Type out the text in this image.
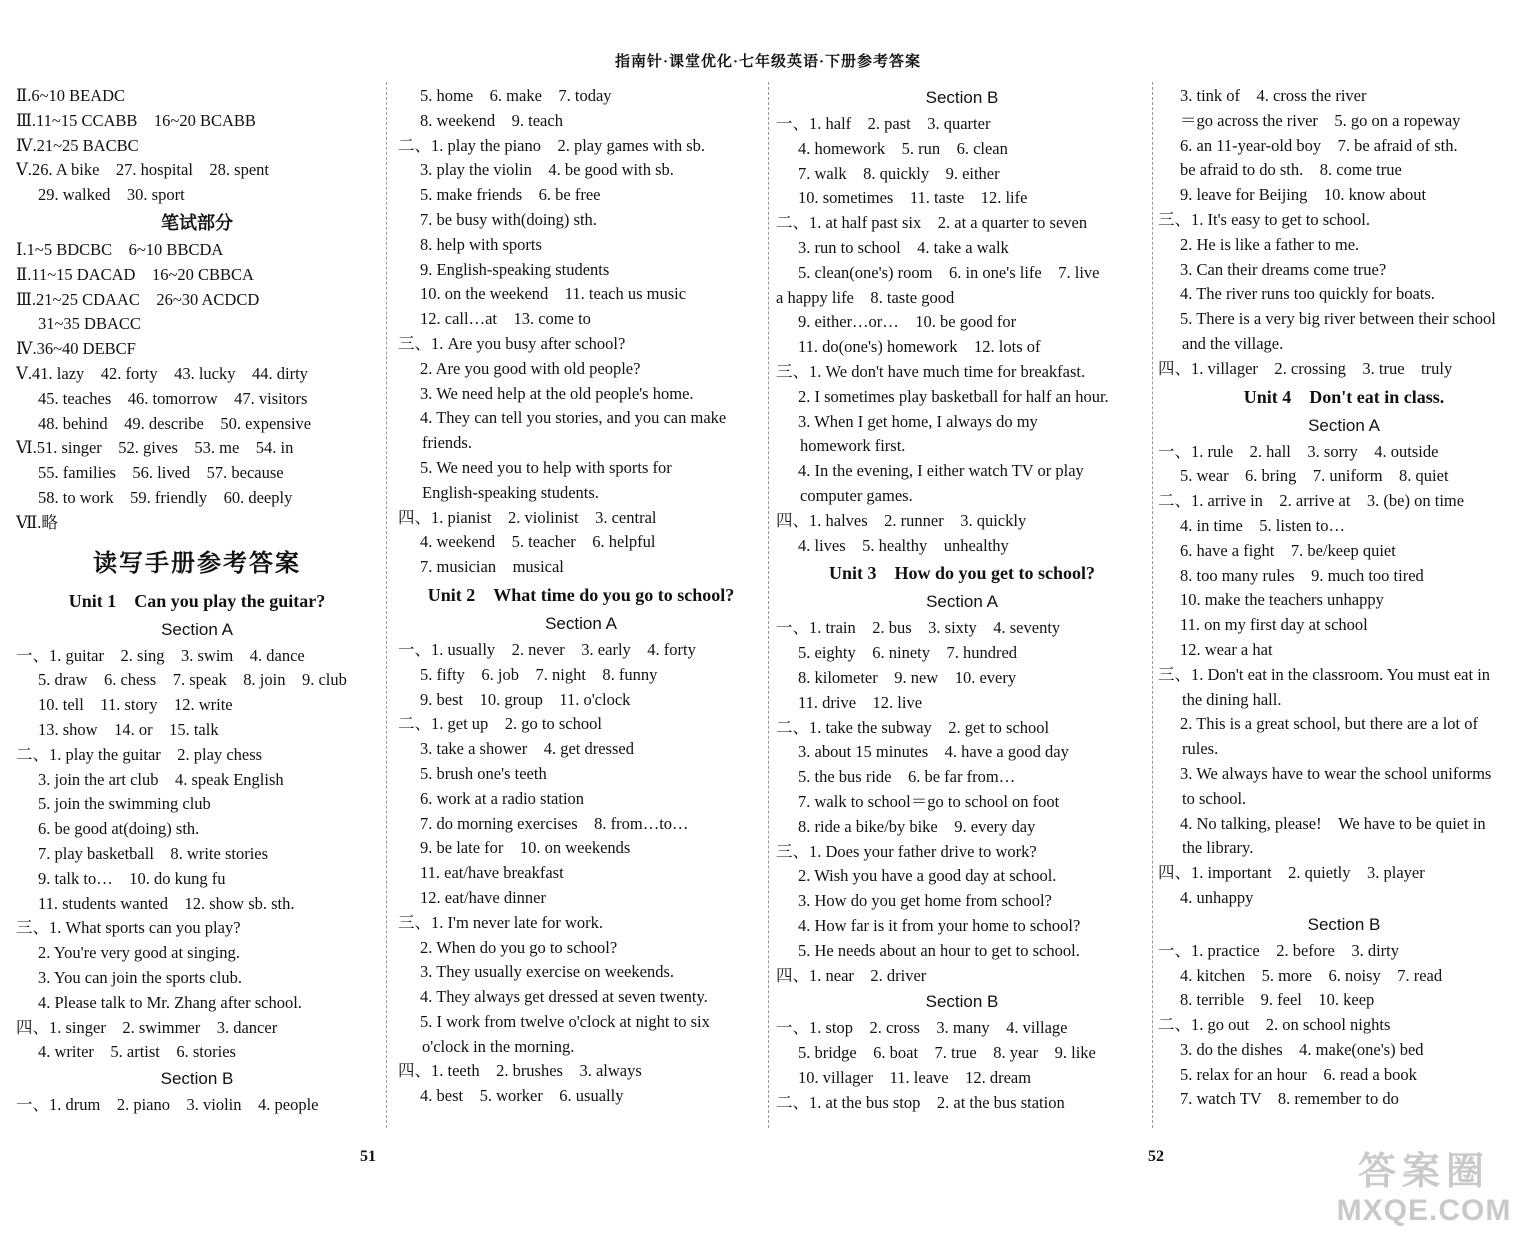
指南针·课堂优化·七年级英语·下册参考答案
Ⅱ.6~10 BEADC
Ⅲ.11~15 CCABB　16~20 BCABB
Ⅳ.21~25 BACBC
Ⅴ.26. A bike　27. hospital　28. spent
29. walked　30. sport
笔试部分
Ⅰ.1~5 BDCBC　6~10 BBCDA
Ⅱ.11~15 DACAD　16~20 CBBCA
Ⅲ.21~25 CDAAC　26~30 ACDCD
31~35 DBACC
Ⅳ.36~40 DEBCF
Ⅴ.41. lazy　42. forty　43. lucky　44. dirty
45. teaches　46. tomorrow　47. visitors
48. behind　49. describe　50. expensive
Ⅵ.51. singer　52. gives　53. me　54. in
55. families　56. lived　57. because
58. to work　59. friendly　60. deeply
Ⅶ.略
读写手册参考答案
Unit 1　Can you play the guitar?
Section A
一、1. guitar　2. sing　3. swim　4. dance
5. draw　6. chess　7. speak　8. join　9. club
10. tell　11. story　12. write
13. show　14. or　15. talk
二、1. play the guitar　2. play chess
3. join the art club　4. speak English
5. join the swimming club
6. be good at(doing) sth.
7. play basketball　8. write stories
9. talk to…　10. do kung fu
11. students wanted　12. show sb. sth.
三、1. What sports can you play?
2. You're very good at singing.
3. You can join the sports club.
4. Please talk to Mr. Zhang after school.
四、1. singer　2. swimmer　3. dancer
4. writer　5. artist　6. stories
Section B
一、1. drum　2. piano　3. violin　4. people
5. home　6. make　7. today
8. weekend　9. teach
二、1. play the piano　2. play games with sb.
3. play the violin　4. be good with sb.
5. make friends　6. be free
7. be busy with(doing) sth.
8. help with sports
9. English-speaking students
10. on the weekend　11. teach us music
12. call…at　13. come to
三、1. Are you busy after school?
2. Are you good with old people?
3. We need help at the old people's home.
4. They can tell you stories, and you can make
friends.
5. We need you to help with sports for
English-speaking students.
四、1. pianist　2. violinist　3. central
4. weekend　5. teacher　6. helpful
7. musician　musical
Unit 2　What time do you go to school?
Section A
一、1. usually　2. never　3. early　4. forty
5. fifty　6. job　7. night　8. funny
9. best　10. group　11. o'clock
二、1. get up　2. go to school
3. take a shower　4. get dressed
5. brush one's teeth
6. work at a radio station
7. do morning exercises　8. from…to…
9. be late for　10. on weekends
11. eat/have breakfast
12. eat/have dinner
三、1. I'm never late for work.
2. When do you go to school?
3. They usually exercise on weekends.
4. They always get dressed at seven twenty.
5. I work from twelve o'clock at night to six
o'clock in the morning.
四、1. teeth　2. brushes　3. always
4. best　5. worker　6. usually
Section B
一、1. half　2. past　3. quarter
4. homework　5. run　6. clean
7. walk　8. quickly　9. either
10. sometimes　11. taste　12. life
二、1. at half past six　2. at a quarter to seven
3. run to school　4. take a walk
5. clean(one's) room　6. in one's life　7. live
a happy life　8. taste good
9. either…or…　10. be good for
11. do(one's) homework　12. lots of
三、1. We don't have much time for breakfast.
2. I sometimes play basketball for half an hour.
3. When I get home, I always do my
homework first.
4. In the evening, I either watch TV or play
computer games.
四、1. halves　2. runner　3. quickly
4. lives　5. healthy　unhealthy
Unit 3　How do you get to school?
Section A
一、1. train　2. bus　3. sixty　4. seventy
5. eighty　6. ninety　7. hundred
8. kilometer　9. new　10. every
11. drive　12. live
二、1. take the subway　2. get to school
3. about 15 minutes　4. have a good day
5. the bus ride　6. be far from…
7. walk to school＝go to school on foot
8. ride a bike/by bike　9. every day
三、1. Does your father drive to work?
2. Wish you have a good day at school.
3. How do you get home from school?
4. How far is it from your home to school?
5. He needs about an hour to get to school.
四、1. near　2. driver
Section B
一、1. stop　2. cross　3. many　4. village
5. bridge　6. boat　7. true　8. year　9. like
10. villager　11. leave　12. dream
二、1. at the bus stop　2. at the bus station
3. tink of　4. cross the river
＝go across the river　5. go on a ropeway
6. an 11-year-old boy　7. be afraid of sth.
be afraid to do sth.　8. come true
9. leave for Beijing　10. know about
三、1. It's easy to get to school.
2. He is like a father to me.
3. Can their dreams come true?
4. The river runs too quickly for boats.
5. There is a very big river between their school
and the village.
四、1. villager　2. crossing　3. true　truly
Unit 4　Don't eat in class.
Section A
一、1. rule　2. hall　3. sorry　4. outside
5. wear　6. bring　7. uniform　8. quiet
二、1. arrive in　2. arrive at　3. (be) on time
4. in time　5. listen to…
6. have a fight　7. be/keep quiet
8. too many rules　9. much too tired
10. make the teachers unhappy
11. on my first day at school
12. wear a hat
三、1. Don't eat in the classroom. You must eat in
the dining hall.
2. This is a great school, but there are a lot of
rules.
3. We always have to wear the school uniforms
to school.
4. No talking, please!　We have to be quiet in
the library.
四、1. important　2. quietly　3. player
4. unhappy
Section B
一、1. practice　2. before　3. dirty
4. kitchen　5. more　6. noisy　7. read
8. terrible　9. feel　10. keep
二、1. go out　2. on school nights
3. do the dishes　4. make(one's) bed
5. relax for an hour　6. read a book
7. watch TV　8. remember to do
51	52	答案圈
MXQE.COM
